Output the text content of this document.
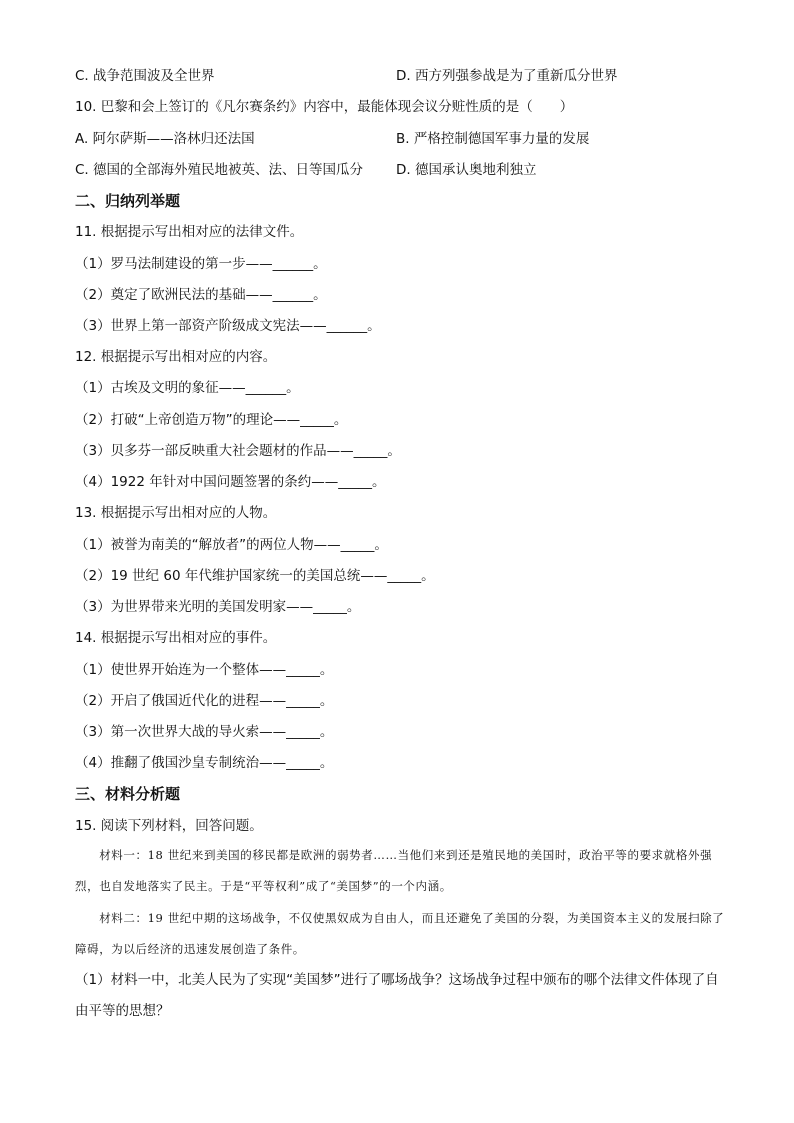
C. 战争范围波及全世界	D. 西方列强参战是为了重新瓜分世界
10. 巴黎和会上签订的《凡尔赛条约》内容中，最能体现会议分赃性质的是（　　）
A. 阿尔萨斯——洛林归还法国	B. 严格控制德国军事力量的发展
C. 德国的全部海外殖民地被英、法、日等国瓜分 D. 德国承认奥地利独立
二、归纳列举题
11. 根据提示写出相对应的法律文件。
（1）罗马法制建设的第一步——______。
（2）奠定了欧洲民法的基础——______。
（3）世界上第一部资产阶级成文宪法——______。
12. 根据提示写出相对应的内容。
（1）古埃及文明的象征——______。
（2）打破“上帝创造万物”的理论——_____。
（3）贝多芬一部反映重大社会题材的作品——_____。
（4）1922 年针对中国问题签署的条约——_____。
13. 根据提示写出相对应的人物。
（1）被誉为南美的“解放者”的两位人物——_____。
（2）19 世纪 60 年代维护国家统一的美国总统——_____。
（3）为世界带来光明的美国发明家——_____。
14. 根据提示写出相对应的事件。
（1）使世界开始连为一个整体——_____。
（2）开启了俄国近代化的进程——_____。
（3）第一次世界大战的导火索——_____。
（4）推翻了俄国沙皇专制统治——_____。
三、材料分析题
15. 阅读下列材料，回答问题。
　　材料一：18 世纪来到美国的移民都是欧洲的弱势者……当他们来到还是殖民地的美国时，政治平等的要求就格外强烈，也自发地落实了民主。于是“平等权利”成了“美国梦”的一个内涵。
　　材料二：19 世纪中期的这场战争，不仅使黑奴成为自由人，而且还避免了美国的分裂，为美国资本主义的发展扫除了障碍，为以后经济的迅速发展创造了条件。
（1）材料一中，北美人民为了实现“美国梦”进行了哪场战争？这场战争过程中颁布的哪个法律文件体现了自由平等的思想？
